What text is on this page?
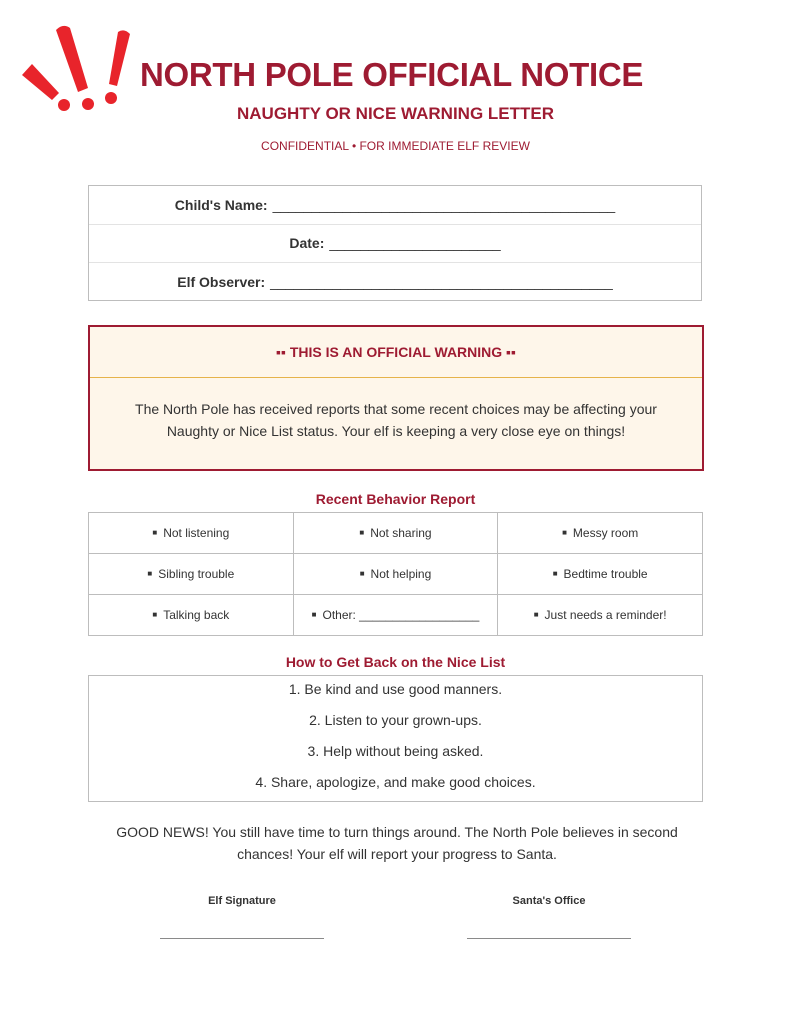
NORTH POLE OFFICIAL NOTICE
NAUGHTY OR NICE WARNING LETTER
CONFIDENTIAL • FOR IMMEDIATE ELF REVIEW
Child's Name: ____________________________________________
Date: ______________________
Elf Observer: ____________________________________________
▪▪ THIS IS AN OFFICIAL WARNING ▪▪
The North Pole has received reports that some recent choices may be affecting your Naughty or Nice List status. Your elf is keeping a very close eye on things!
Recent Behavior Report
■ Not listening	■ Not sharing	■ Messy room
■ Sibling trouble	■ Not helping	■ Bedtime trouble
■ Talking back	■ Other: __________________	■ Just needs a reminder!
How to Get Back on the Nice List
1. Be kind and use good manners.
2. Listen to your grown-ups.
3. Help without being asked.
4. Share, apologize, and make good choices.
GOOD NEWS! You still have time to turn things around. The North Pole believes in second chances! Your elf will report your progress to Santa.
Elf Signature	Santa's Office
